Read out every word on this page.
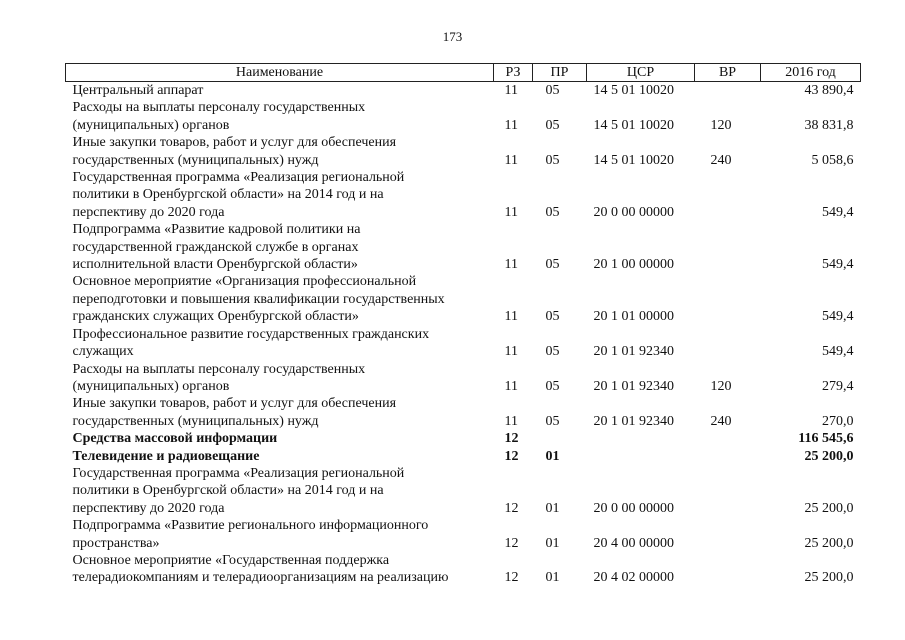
173
Наименование	РЗ	ПР	ЦСР	ВР	2016 год

Центральный аппарат	11	05	14 5 01 10020		43 890,4

Расходы на выплаты персоналу государственных
(муниципальных) органов	11	05	14 5 01 10020	120	38 831,8

Иные закупки товаров, работ и услуг для обеспечения
государственных (муниципальных) нужд	11	05	14 5 01 10020	240	5 058,6

Государственная программа «Реализация региональной
политики в Оренбургской области» на 2014 год и на
перспективу до 2020 года	11	05	20 0 00 00000		549,4

Подпрограмма «Развитие кадровой политики на
государственной гражданской службе в органах
исполнительной власти Оренбургской области»	11	05	20 1 00 00000		549,4

Основное мероприятие «Организация профессиональной
переподготовки и повышения квалификации государственных
гражданских служащих Оренбургской области»	11	05	20 1 01 00000		549,4

Профессиональное развитие государственных гражданских
служащих	11	05	20 1 01 92340		549,4

Расходы на выплаты персоналу государственных
(муниципальных) органов	11	05	20 1 01 92340	120	279,4

Иные закупки товаров, работ и услуг для обеспечения
государственных (муниципальных) нужд	11	05	20 1 01 92340	240	270,0

Средства массовой информации	12				116 545,6

Телевидение и радиовещание	12	01			25 200,0

Государственная программа «Реализация региональной
политики в Оренбургской области» на 2014 год и на
перспективу до 2020 года	12	01	20 0 00 00000		25 200,0

Подпрограмма «Развитие регионального информационного
пространства»	12	01	20 4 00 00000		25 200,0

Основное мероприятие «Государственная поддержка
телерадиокомпаниям и телерадиоорганизациям на реализацию	12	01	20 4 02 00000		25 200,0
